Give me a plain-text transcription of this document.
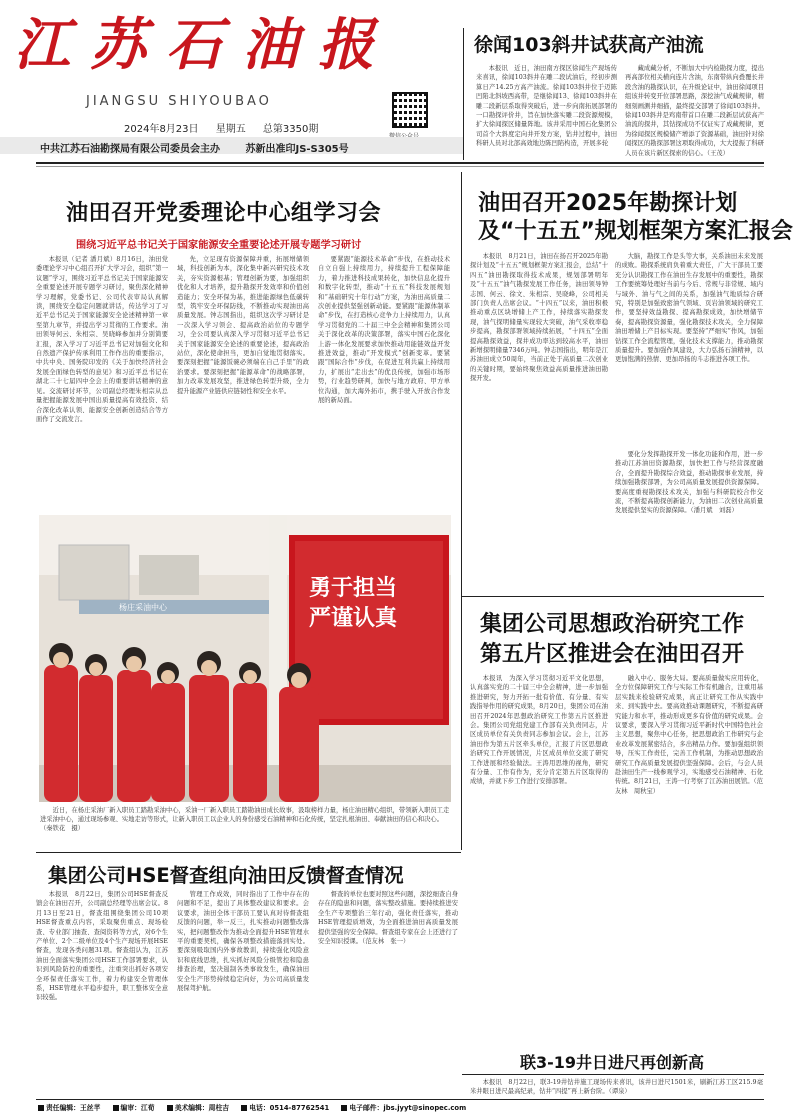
江苏石油报
JIANGSU SHIYOUBAO
2024年8月23日 星期五 总第3350期
中共江苏石油勘探局有限公司委员会主办	苏新出准印JS-S305号
徐闻103斜井试获高产油流
本报讯　近日，油田南方探区徐闻生产现场传来喜讯，徐闻103斜井在雕二段试油后，经初步测算日产14.25方高产油流。徐闻103斜井位于迈陈凹陷北斜坡西高带，是继徐闻13、徐闻103斜井在雕二段新层系取得突破后，进一步向南拓展部署的一口勘探评价井，旨在加快落实雕二段资源规模，扩大徐闻探区储量阵地。该井采用中国石化集团公司首个大斜度定向井开发方案，钻井过程中，油田科研人员对北部高效地边陈凹陷构造，开展多轮
藏成藏分析，不断加大中内检勘探力度，提出再高部位相关横向连片含油，东南带纵向叠覆长井段含油的勘探认识，在升级论证中，油田徐闻项目组该井转变开位部署思路，深挖油气成藏规律，精细刻画测井细描，最终提交部署了徐闻103斜井。徐闻103斜井是鸡南带首口在雕二段新层试获高产油流的探井，其钻探成功不仅证实了成藏规律，更为徐闻探区规模储产增添了资源基础，油田针对徐闻探区的勘探部署这项取得成功，大大提振了科研人员在该片新区探索的信心。（王茂）
油田召开党委理论中心组学习会
围绕习近平总书记关于国家能源安全重要论述开展专题学习研讨
本报讯（记者 潘月斌）8月16日，油田党委理论学习中心组召开扩大学习会，组织“第一议题”学习，围绕习近平总书记关于国家能源安全重要论述开展专题学习研讨，聚焦深化精神学习理解，党委书记、公司代表审局认真解读，围绕安全稳定问题就讲话，传达学习了习近平总书记关于国家能源安全论述精神第一章至第九章节，并提出学习贯彻的工作要求。油田领导何云、朱相宗、吴晓峰参加并分别简要汇报，深入学习了习近平总书记对加强文化和自然遗产保护传承利用工作作出的重要指示，中共中央、国务院印发的《关于加快经济社会发展全面绿色转型的意见》和习近平总书记在湖北二十七届四中全会上的重要讲话精神的意见。交流研讨环节，公司副总经理朱相宗从总量把握能源发展中国出质量提高有效投资、结合深化改革认领、能源安全创新创造结合等方面作了交流发言。
先，立足现有资源保障并重，拓展增储领域，科技创新为本，深化集中新兴研究技术攻关，夯实资源根基；管理创新为要，加强组织优化和人才培养，提升勘探开发效率和价值创造能力；安全环保为基，推进能源绿色低碳转型，筑牢安全环保防线，不断推动实现油田高质量发展。钟志国指出，组织这次学习研讨是一次深入学习领会、提高政治站位的专题学习，全公司要认真深入学习贯彻习近平总书记关于国家能源安全论述的重要论述，提高政治站位，深化使命担当，更加自觉地贯彻落实。要深刻把握“能源饭碗必须端在自己手里”的政治要求。要深刻把握“能源革命”的战略部署，加力改革发展攻坚，推进绿色转型升级，全力提升能源产业链供应链韧性和安全水平。
要紧跟“能源技术革命”步伐，在推动技术自立自强上持续用力，持续提升工程保障能力，着力推进科技成果转化，加快信息化提升和数字化转型，推动“十五五”科技发展规划和“基础研究十年行动”方案，为油田高质量二次创业提供坚强创新动能。要紧跟“能源体制革命”步伐，在打造核心竞争力上持续用力，认真学习贯彻党的二十届三中全会精神和集团公司关于深化改革的决策部署，落实中国石化深化上游一体化发展要求加快推动用能链效益开发推进效益，推动“开发模式”创新变革。要紧跟“国际合作”步伐，在促进互利共赢上持续用力，扩展出“走出去”的优良传统，加强市场形势，行业趋势研判，加快与地方政府、甲方单位沟通，加大海外拓市，携手驶入开放合作发展的新局面。
杨庄采油中心
勇于担当
严谨认真
近日，在杨庄采油厂新入职员工踏勘采油中心，采油一厂新入职员工踏勘油田成长故事，汲取榜样力量，杨庄油田精心组织，带领新入职员工走进采油中心，通过现场参观、实地走访等形式，让新入职员工以企业人的身份感受石油精神和石化传统，坚定扎根油田、奉献油田的信心和决心。（秦铁花　摄）
油田召开2025年勘探计划
及“十五五”规划框架方案汇报会
本报讯　8月21日，油田在扬召开2025年勘探计划及“十五五”规划框架方案汇报会，总结“十四五”油田勘探取得技术成果，规划部署明年及“十五五”油气勘探发展工作任务，油田领导钟志国、何云、徐文、朱相宗、吴晓峰，公司相关部门负责人出席会议。“十四五”以来，油田积极推动重点区块增储上产工作，持续落实勘探发现，油气探明储量实现较大突破，油气采收率稳步提高，勘探部署领域持续拓展，“十四五”全面提高勘探效益，探井成功率达到较高水平，油田新增探明储量7346万吨。钟志国指出，明年是江苏油田成立50周年，当前正处于高质量二次创业的关键时期，要始终聚焦效益高质量推进油田勘探开发。
大脑，勘探工作是头等大事，关系油田未来发展的成败。勘探系统肩负着重大责任，广大干部员工要充分认识勘探工作在油田生存发展中的重要性，勘探工作要统筹处理好当前与今后、常规与非常规、域内与域外、油与气之间的关系，加强油气地质综合研究，特别是加强致密油气领域、页岩油领域的研究工作，要坚持效益勘探、提高勘探成效，加快增储节奏，提高勘探资源量，强化勘探技术攻关，全力保障油田增储上产目标实现。要坚持“严细实”作风，加强钻探工作全流程管理，强化技术支撑能力，推动勘探质量提升。要加强作风建设，大力弘扬石油精神，以更加饱满的热情、更加昂扬的斗志推进各项工作。
要化分发挥勘探开发一体化功能和作用，进一步推动江苏油田资源勘探，加快把工作与经营深度融合，全面提升勘探综合效益，推动勘探事业发展，持续加强勘探部署，为公司高质量发展提供资源保障。要高度重视勘探技术攻关，加强与科研院校合作交流，不断提高勘探创新能力，为油田二次创业高质量发展提供坚实的资源保障。（潘月斌　刘磊）
集团公司思想政治研究工作
第五片区推进会在油田召开
本报讯　为深入学习贯彻习近平文化思想，认真落实党的二十届三中全会精神，进一步加强推进研究，努力开拓一批有价值、有分量、有实践指导作用的研究成果，8月20日，集团公司在油田召开2024年思想政治研究工作第五片区推进会。集团公司党组党建工作部有关负责同志，片区成员单位有关负责同志参加会议。会上，江苏油田作为第五片区牵头单位，汇报了片区思想政治研究工作开展情况，片区成员单位交流了研究工作进展和经验做法。王涛用思维的视角，研究有分量、工作有作为，充分肯定第五片区取得的成绩，并就下步工作进行安排部署。
融入中心、服务大局。要高质量做实应用转化，全方位保障研究工作与实际工作有机融合，注重用基层实践来检验研究成果，真正让研究工作从实践中来、到实践中去。要高效推动课题研究，不断提高研究能力和水平，推动形成更多有价值的研究成果。会议要求，要深入学习贯彻习近平新时代中国特色社会主义思想，聚焦中心任务，把思想政治工作研究与企业改革发展紧密结合，多出精品力作。要加强组织领导，压实工作责任，完善工作机制，为推动思想政治研究工作高质量发展提供坚强保障。会后，与会人员赴油田生产一线参观学习，实地感受石油精神、石化传统。8月21日，王涛一行考察了江苏油田展馆。（范友林　周秋宝）
集团公司HSE督查组向油田反馈督查情况
本报讯　8月22日，集团公司HSE督查反馈会在油田召开，公司副总经理等出席会议。8月13日至21日，督查组围绕集团公司10项HSE督查重点内容，采取聚焦重点、现场检查、专业部门抽查、查阅资料等方式，对6个生产单位、2个二级单位及4个生产现场开展HSE督查，发现各类问题31项。督查组认为，江苏油田全面落实集团公司HSE工作部署要求，认识到风险防控的重要性，注重突出抓好各项安全环保责任落实工作，着力构建安全管理体系，HSE管理水平稳步提升，职工整体安全意识较强。
管理工作成效，同时指出了工作中存在的问题和不足，提出了具体整改建议和要求。会议要求，油田全体干部员工要认真对待督查组反馈的问题，举一反三，扎实推动问题整改落实，把问题整改作为推动全面提升HSE管理水平的重要契机，确保各项整改措施落到实处。要深刻吸取国内外事故教训，持续强化风险意识和底线思维，扎实抓好风险分级管控和隐患排查治理，坚决遏制各类事故发生，确保油田安全生产形势持续稳定向好，为公司高质量发展保驾护航。
督查的单位也要对照这些问题，深挖细查自身存在的隐患和问题，落实整改措施。要持续推进安全生产专项整治三年行动，强化责任落实，推动HSE管理提质增效，为全面推进油田高质量发展提供坚强的安全保障。督查组专家在会上还进行了安全知识授课。（范友林　张一）
联3-19井日进尺再创新高
本报讯　8月22日，联3-19井钻井施工现场传来喜讯，该井日进尺1501米，刷新江苏工区215.9毫米井眼日进尺最高纪录，钻井“四提”再上新台阶。（谭泉）
责任编辑：王丝芊	编审：江荀	美术编辑：周柱吉	电话：0514-87762541	电子邮件：jbs.jyyt@sinopec.com
